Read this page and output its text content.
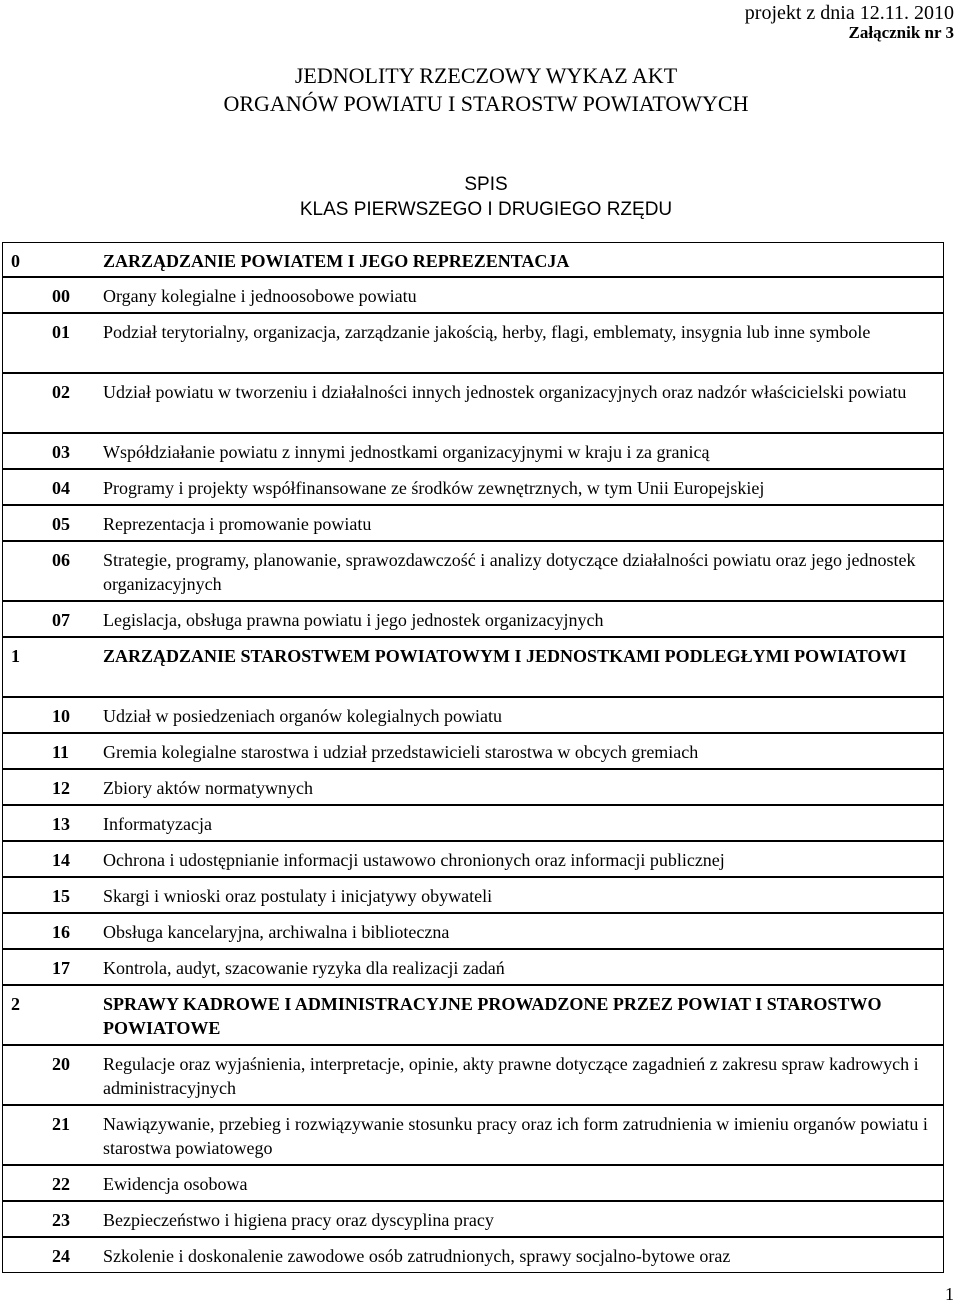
projekt z dnia 12.11. 2010
Załącznik nr 3
JEDNOLITY RZECZOWY WYKAZ AKT
ORGANÓW POWIATU I STAROSTW POWIATOWYCH
SPIS
KLAS PIERWSZEGO I DRUGIEGO RZĘDU
0	ZARZĄDZANIE POWIATEM I JEGO REPREZENTACJA

00	Organy kolegialne i jednoosobowe powiatu

01	Podział terytorialny, organizacja, zarządzanie jakością, herby, flagi, emblematy, insygnia lub inne symbole

02	Udział powiatu w tworzeniu i działalności innych jednostek organizacyjnych oraz nadzór właścicielski powiatu

03	Współdziałanie powiatu z innymi jednostkami organizacyjnymi w kraju i za granicą

04	Programy i projekty współfinansowane ze środków zewnętrznych, w tym Unii Europejskiej

05	Reprezentacja i promowanie powiatu

06	Strategie, programy, planowanie, sprawozdawczość i analizy dotyczące działalności powiatu oraz jego jednostek organizacyjnych

07	Legislacja, obsługa prawna powiatu i jego jednostek organizacyjnych

1	ZARZĄDZANIE STAROSTWEM POWIATOWYM I JEDNOSTKAMI PODLEGŁYMI POWIATOWI

10	Udział w posiedzeniach organów kolegialnych powiatu

11	Gremia kolegialne starostwa i udział przedstawicieli starostwa w obcych gremiach

12	Zbiory aktów normatywnych

13	Informatyzacja

14	Ochrona i udostępnianie informacji ustawowo chronionych oraz informacji publicznej

15	Skargi i wnioski oraz postulaty i inicjatywy obywateli

16	Obsługa kancelaryjna, archiwalna i biblioteczna

17	Kontrola, audyt, szacowanie ryzyka dla realizacji zadań

2	SPRAWY KADROWE I ADMINISTRACYJNE PROWADZONE PRZEZ POWIAT I STAROSTWO POWIATOWE

20	Regulacje oraz wyjaśnienia, interpretacje, opinie, akty prawne dotyczące zagadnień z zakresu spraw kadrowych i administracyjnych

21	Nawiązywanie, przebieg i rozwiązywanie stosunku pracy oraz ich form zatrudnienia w imieniu organów powiatu i starostwa powiatowego

22	Ewidencja osobowa

23	Bezpieczeństwo i higiena pracy oraz dyscyplina pracy

24	Szkolenie i doskonalenie zawodowe osób zatrudnionych, sprawy socjalno-bytowe oraz
1
